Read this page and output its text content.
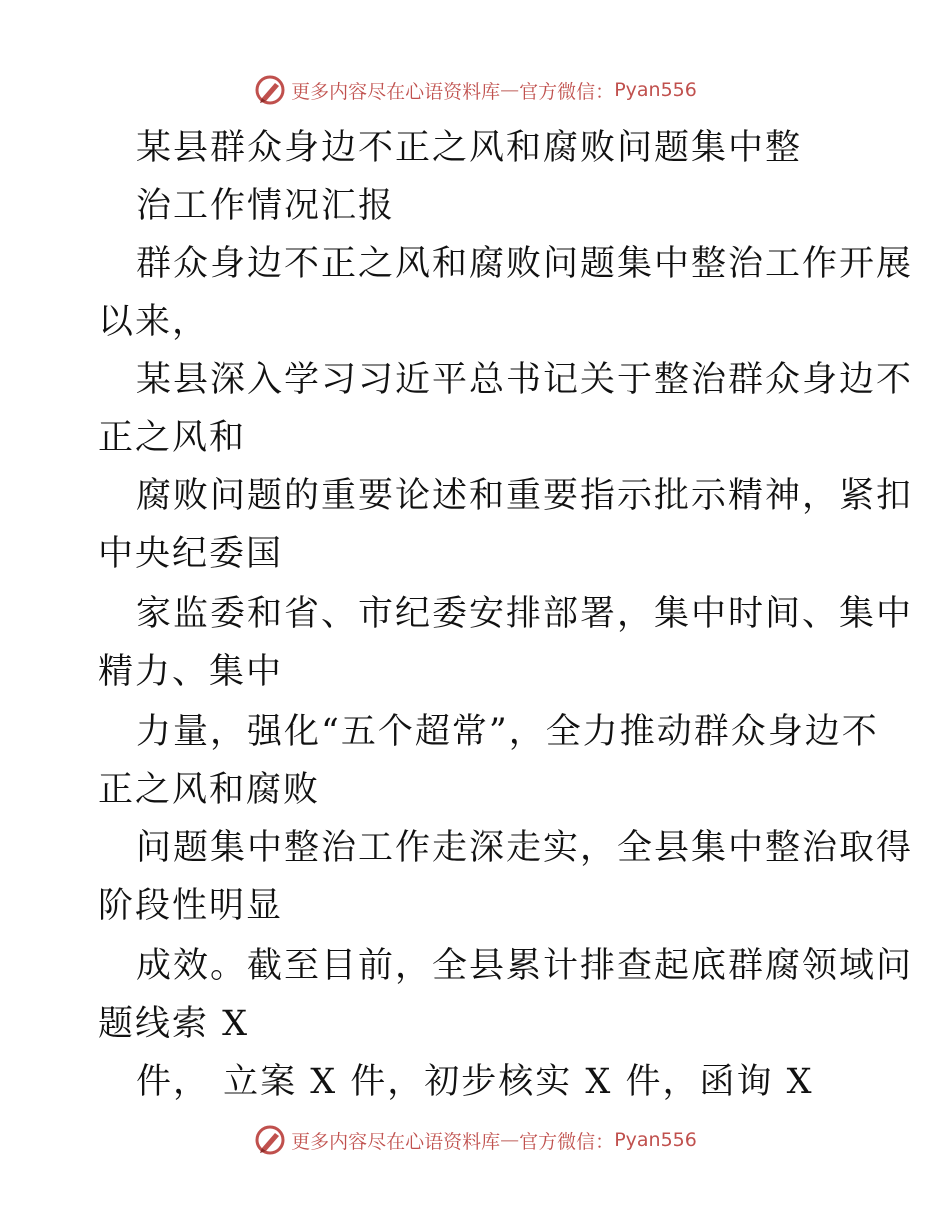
更多内容尽在心语资料库 — 官方微信： Pyan556
某县群众身边不正之风和腐败问题集中整
治工作情况汇报
群众身边不正之风和腐败问题集中整治工作开展
以来，
某县深入学习习近平总书记关于整治群众身边不
正之风和
腐败问题的重要论述和重要指示批示精神，紧扣
中央纪委国
家监委和省、市纪委安排部署，集中时间、集中
精力、集中
力量，强化“五个超常”，全力推动群众身边不
正之风和腐败
问题集中整治工作走深走实，全县集中整治取得
阶段性明显
成效。截至目前，全县累计排查起底群腐领域问
题线索 X
件， 立案 X 件，初步核实 X 件，函询 X
更多内容尽在心语资料库 — 官方微信： Pyan556
